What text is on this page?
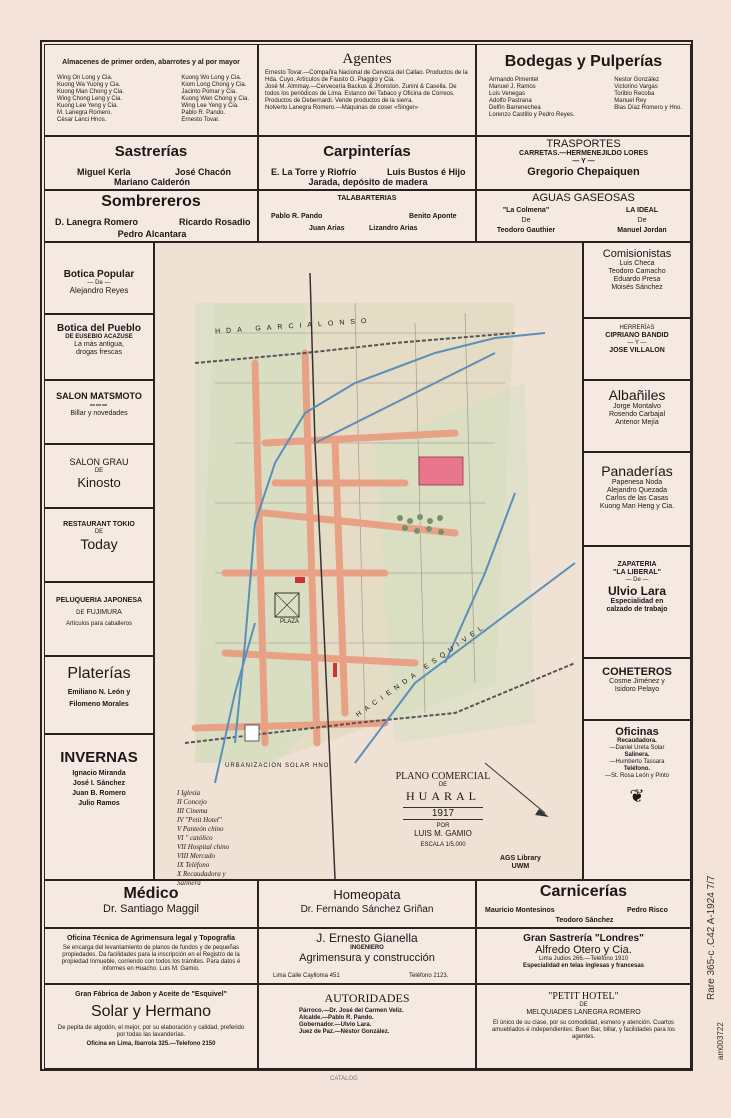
Almacenes de primer orden, abarrotes y al por mayor
Wing On Long y Cia.
Kuong Wa Yuong y Cia.
Kuong Man Chong y Cia.
Wing Chong Leng y Cia.
Kuong Lee Yeng y Cia.
M. Lanegra Romero.
César Lanci Hnos.
Kuong Wo Long y Cia.
Kiom Long Chong y Cia.
Jacinto Pomar y Cia.
Kuong Wen Chong y Cia.
Wing Lee Yeng y Cia.
Pablo R. Pando.
Ernesto Tovar.
Agentes
Ernesto Tovar.—Compañía Nacional de Cerveza del Callao. Productos de la Hda. Cuyo, Artículos de Fausto G. Piaggio y Cia.
José M. Almmay.—Cervecería Backus & Jhonston. Zunini & Casella. De todos los periódicos de Lima. Estanco del Tabaco y Oficina de Correos. Productos de Debernardi. Vende productos de la sierra.
Nolverto Lanegra Romero.—Máquinas de coser «Singer»
Bodegas y Pulperías
Armando Pimentel
Manuel J. Ramos
Luis Venegas
Adolfo Pastrana
Delfín Barrenechea
Lorenzo Castillo y Pedro Reyes.
Nestor González
Victorino Vargas
Toribio Recoba
Manuel Rey
Blas Díaz Romero y Hno.
Sastrerías
Miguel Kerla	José Chacón
Mariano Calderón
Carpinterías
E. La Torre y Riofrío	Luis Bustos é Hijo
Jarada, depósito de madera
TRASPORTES
CARRETAS.—HERMENEJILDO LORES
— Y —
Gregorio Chepaiquen
Sombrereros
D. Lanegra Romero	Ricardo Rosadio
Pedro Alcantara
TALABARTERIAS
Pablo R. Pando	Benito Aponte
Juan Arias	Lizandro Arias
AGUAS GASEOSAS
"La Colmena"
De
Teodoro Gauthier
LA IDEAL
De
Manuel Jordan
Botica Popular
— De —
Alejandro Reyes
Botica del Pueblo
DE EUSEBIO ACAZUSE
La más antigua,
drogas frescas
SALON MATSMOTO
═══
Billar y novedades
SALON GRAU
DE
Kinosto
RESTAURANT TOKIO
DE
Today
PELUQUERIA JAPONESA
DE FUJIMURA
Artículos para caballeros
Platerías
Emiliano N. León y
Filomeno Morales
INVERNAS
Ignacio Miranda
José I. Sánchez
Juan B. Romero
Julio Ramos
Comisionistas
Luis Checa
Teodoro Camacho
Eduardo Presa
Moisés Sánchez
HERRERÍAS
CIPRIANO BANDID
— Y —
JOSE VILLALON
Albañiles
Jorge Montalvo
Rosendo Carbajal
Antenor Mejía
Panaderías
Papenesa Noda
Alejandro Quezada
Carlos de las Casas
Kuong Man Heng y Cia.
ZAPATERIA
"LA LIBERAL"
— De —
Ulvio Lara
Especialidad en
calzado de trabajo
COHETEROS
Cosme Jiménez y
Isidoro Pelayo
Oficinas
Recaudadora.
—Daniel Ureta Solar
Salinera.
—Humberto Tassara
Teléfono.
—St. Rosa León y Pinto
❦
HDA GARCIALONSO
HACIENDA ESQUIVEL
URBANIZACION SOLAR HNO
PLAZA
I Iglesia
II Concejo
III Cinema
IV "Petit Hotel"
V Panteón chino
VI " católico
VII Hospital chino
VIII Mercado
IX Teléfono
X Recaudadora y
Salinera
PLANO COMERCIAL
DE
HUARAL
1917
POR
LUIS M. GAMIO
ESCALA 1/5.000
AGS Library
UWM
Médico
Dr. Santiago Maggil
Homeopata
Dr. Fernando Sánchez Griñan
Carnicerías
Mauricio Montesinos	Pedro Risco
Teodoro Sánchez
Oficina Técnica de Agrimensura legal y Topografía
Se encarga del levantamiento de planos de fundos y de pequeñas propiedades. Da facilidades para la inscripción en el Registro de la propiedad Inmueble, corriendo con todos los trámites. Para datos é informes en Huacho. Luis M. Gamio.
J. Ernesto Gianella
INGENIERO
Agrimensura y construcción
Lima Calle Caylloma 451	Teléfono 2123.
Gran Sastrería "Londres"
Alfredo Otero y Cia.
Lima Judios 266.—Teléfono 1910
Especialidad en telas inglesas y francesas
Gran Fábrica de Jabon y Aceite de "Esquivel"
Solar y Hermano
De pepita de algodón, el mejor, por su elaboración y calidad, preferido por todas las lavanderías.
Oficina en Lima, Ibarrola 325.—Telefono 2150
AUTORIDADES
Párroco.—Dr. José del Carmen Veliz.
Alcalde.—Pablo R. Pando.
Gobernador.—Ulvio Lara.
Juez de Paz.—Néstor González.
"PETIT HOTEL"
DE
MELQUIADES LANEGRA ROMERO
El único de su clase, por su comodidad, esmero y atención. Cuartos amueblados é independientes: Buen Bar, billar, y facilidades para los agentes.
Rare 365-c .C42 A-1924 7/7
am003722
CATALOG
